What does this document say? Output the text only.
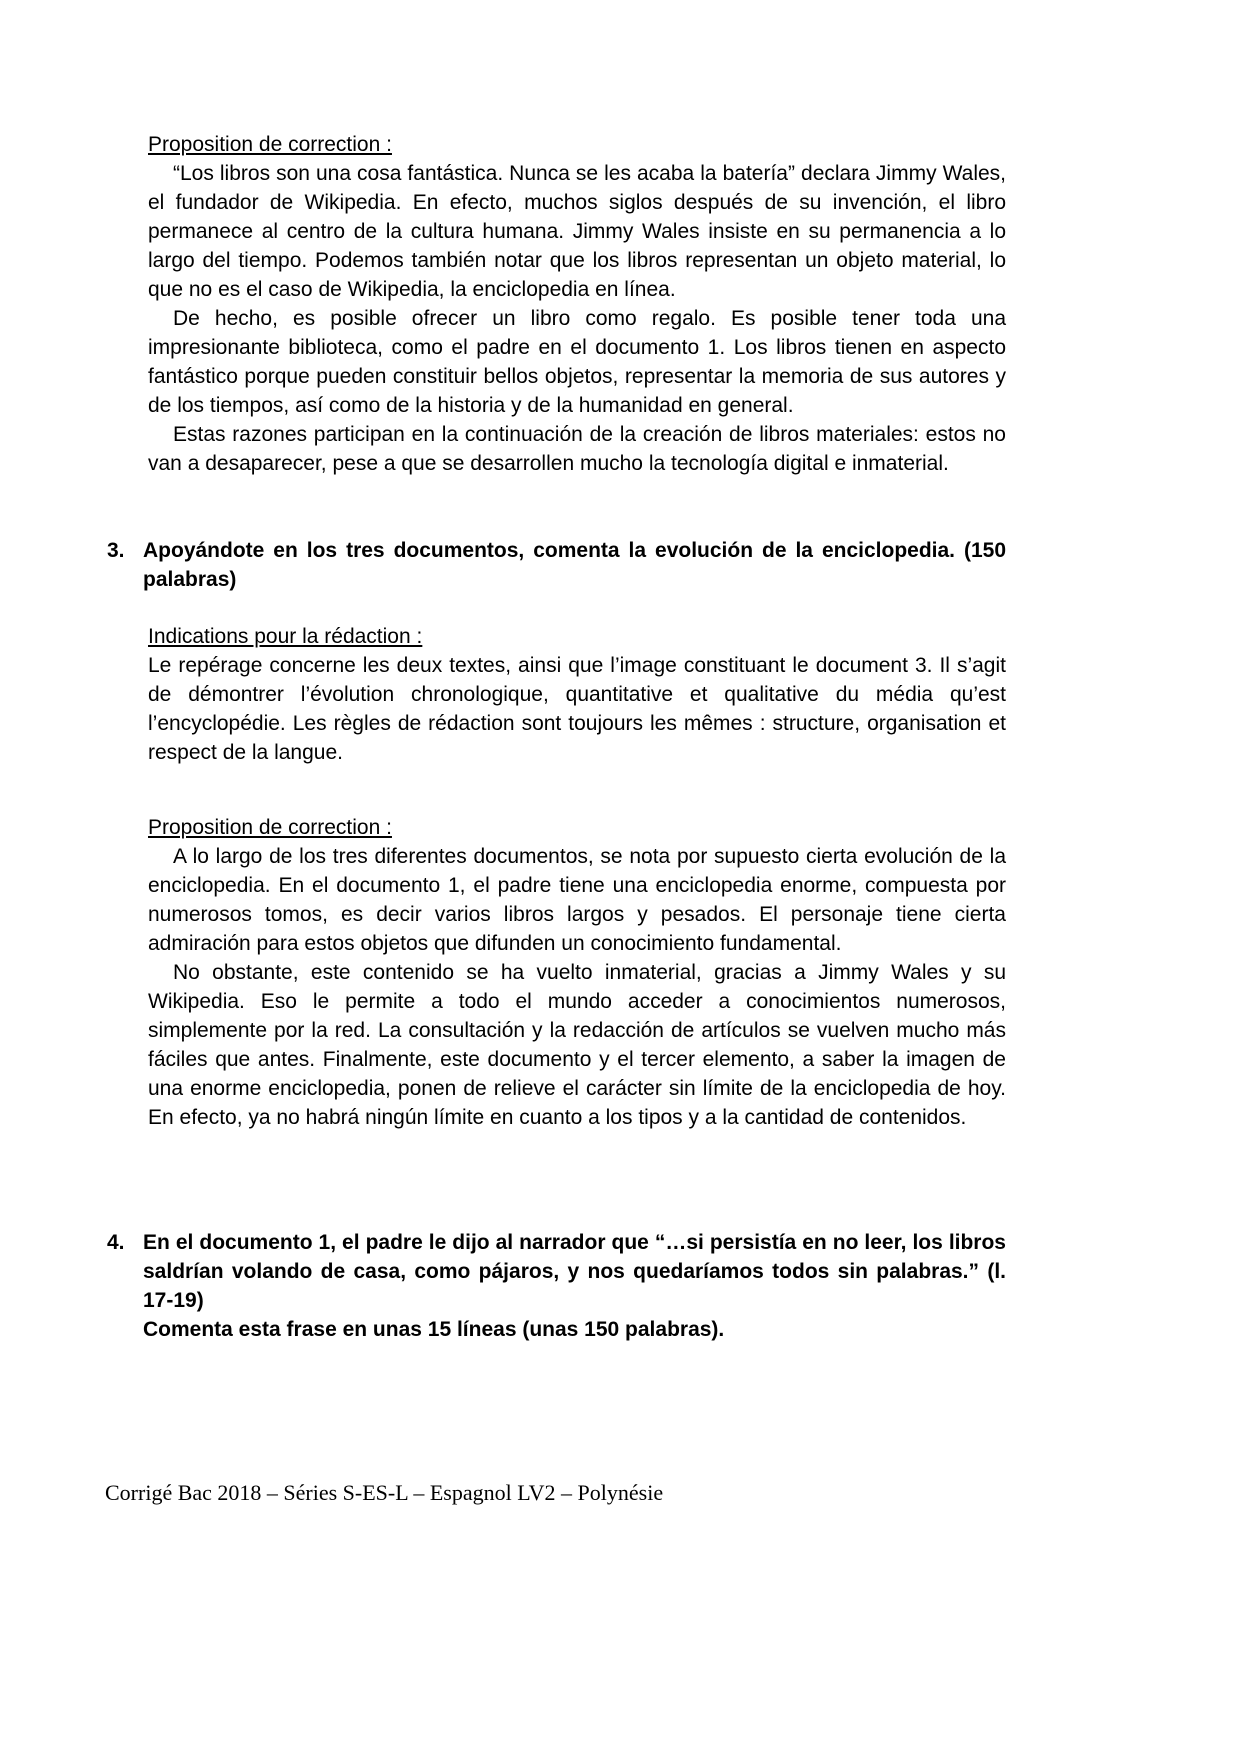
Proposition de correction :

“Los libros son una cosa fantástica. Nunca se les acaba la batería” declara Jimmy Wales, el fundador de Wikipedia. En efecto, muchos siglos después de su invención, el libro permanece al centro de la cultura humana. Jimmy Wales insiste en su permanencia a lo largo del tiempo. Podemos también notar que los libros representan un objeto material, lo que no es el caso de Wikipedia, la enciclopedia en línea.

De hecho, es posible ofrecer un libro como regalo. Es posible tener toda una impresionante biblioteca, como el padre en el documento 1. Los libros tienen en aspecto fantástico porque pueden constituir bellos objetos, representar la memoria de sus autores y de los tiempos, así como de la historia y de la humanidad en general.

Estas razones participan en la continuación de la creación de libros materiales: estos no van a desaparecer, pese a que se desarrollen mucho la tecnología digital e inmaterial.

3. Apoyándote en los tres documentos, comenta la evolución de la enciclopedia. (150 palabras)
Indications pour la rédaction :

Le repérage concerne les deux textes, ainsi que l’image constituant le document 3. Il s’agit de démontrer l’évolution chronologique, quantitative et qualitative du média qu’est l’encyclopédie. Les règles de rédaction sont toujours les mêmes : structure, organisation et respect de la langue.

Proposition de correction :

A lo largo de los tres diferentes documentos, se nota por supuesto cierta evolución de la enciclopedia. En el documento 1, el padre tiene una enciclopedia enorme, compuesta por numerosos tomos, es decir varios libros largos y pesados. El personaje tiene cierta admiración para estos objetos que difunden un conocimiento fundamental.

No obstante, este contenido se ha vuelto inmaterial, gracias a Jimmy Wales y su Wikipedia. Eso le permite a todo el mundo acceder a conocimientos numerosos, simplemente por la red. La consultación y la redacción de artículos se vuelven mucho más fáciles que antes. Finalmente, este documento y el tercer elemento, a saber la imagen de una enorme enciclopedia, ponen de relieve el carácter sin límite de la enciclopedia de hoy. En efecto, ya no habrá ningún límite en cuanto a los tipos y a la cantidad de contenidos.

4. En el documento 1, el padre le dijo al narrador que “…si persistía en no leer, los libros saldrían volando de casa, como pájaros, y nos quedaríamos todos sin palabras.” (l. 17-19)
Comenta esta frase en unas 15 líneas (unas 150 palabras).
Corrigé Bac 2018 – Séries S-ES-L – Espagnol LV2 – Polynésie
